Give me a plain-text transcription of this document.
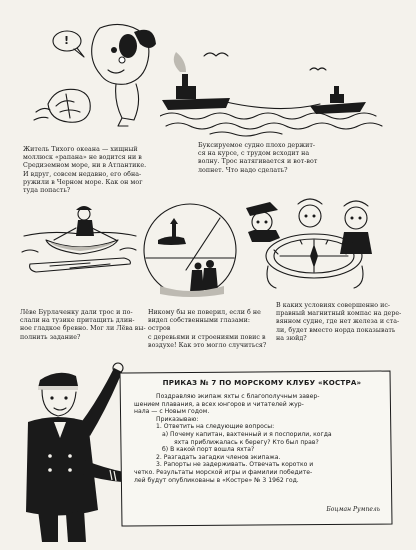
Житель Тихого океана — хищный
моллюск «рапана» не водится ни в
Средиземном море, ни в Атлантике.
И вдруг, совсем недавно, его обна-
ружили в Черном море. Как он мог
туда попасть?
Буксируемое судно плохо держит-
ся на курсе, с трудом всходит на
волну. Трос натягивается и вот-вот
лопнет. Что надо сделать?
Лёве Бурлаченку дали трос и по-
слали на тузике притащить длин-
ное гладкое бревно. Мог ли Лёва вы-
полнить задание?
Никому бы не поверил, если б не
видел собственными глазами: остров
с деревьями и строениями повис в
воздухе! Как это могло случиться?
В каких условиях совершенно ис-
правный магнитный компас на дере-
вянном судне, где нет железа и ста-
ли, будет вместо норда показывать
на зюйд?
ПРИКАЗ № 7 ПО МОРСКОМУ КЛУБУ «КОСТРА»
Поздравляю экипаж яхты с благополучным завер-
шением плавания, а всех юнгоров и читателей жур-
нала — с Новым годом.
Приказываю:
1. Ответить на следующие вопросы:
а) Почему капитан, вахтенный и я поспорили, когда
яхта приближалась к берегу? Кто был прав?
б) В какой порт вошла яхта?
2. Разгадать загадки членов экипажа.
3. Рапорты не задерживать. Отвечать коротко и
четко. Результаты морской игры и фамилии победите-
лей будут опубликованы в «Костре» № 3 1962 год.
Боцман Румпель
!
